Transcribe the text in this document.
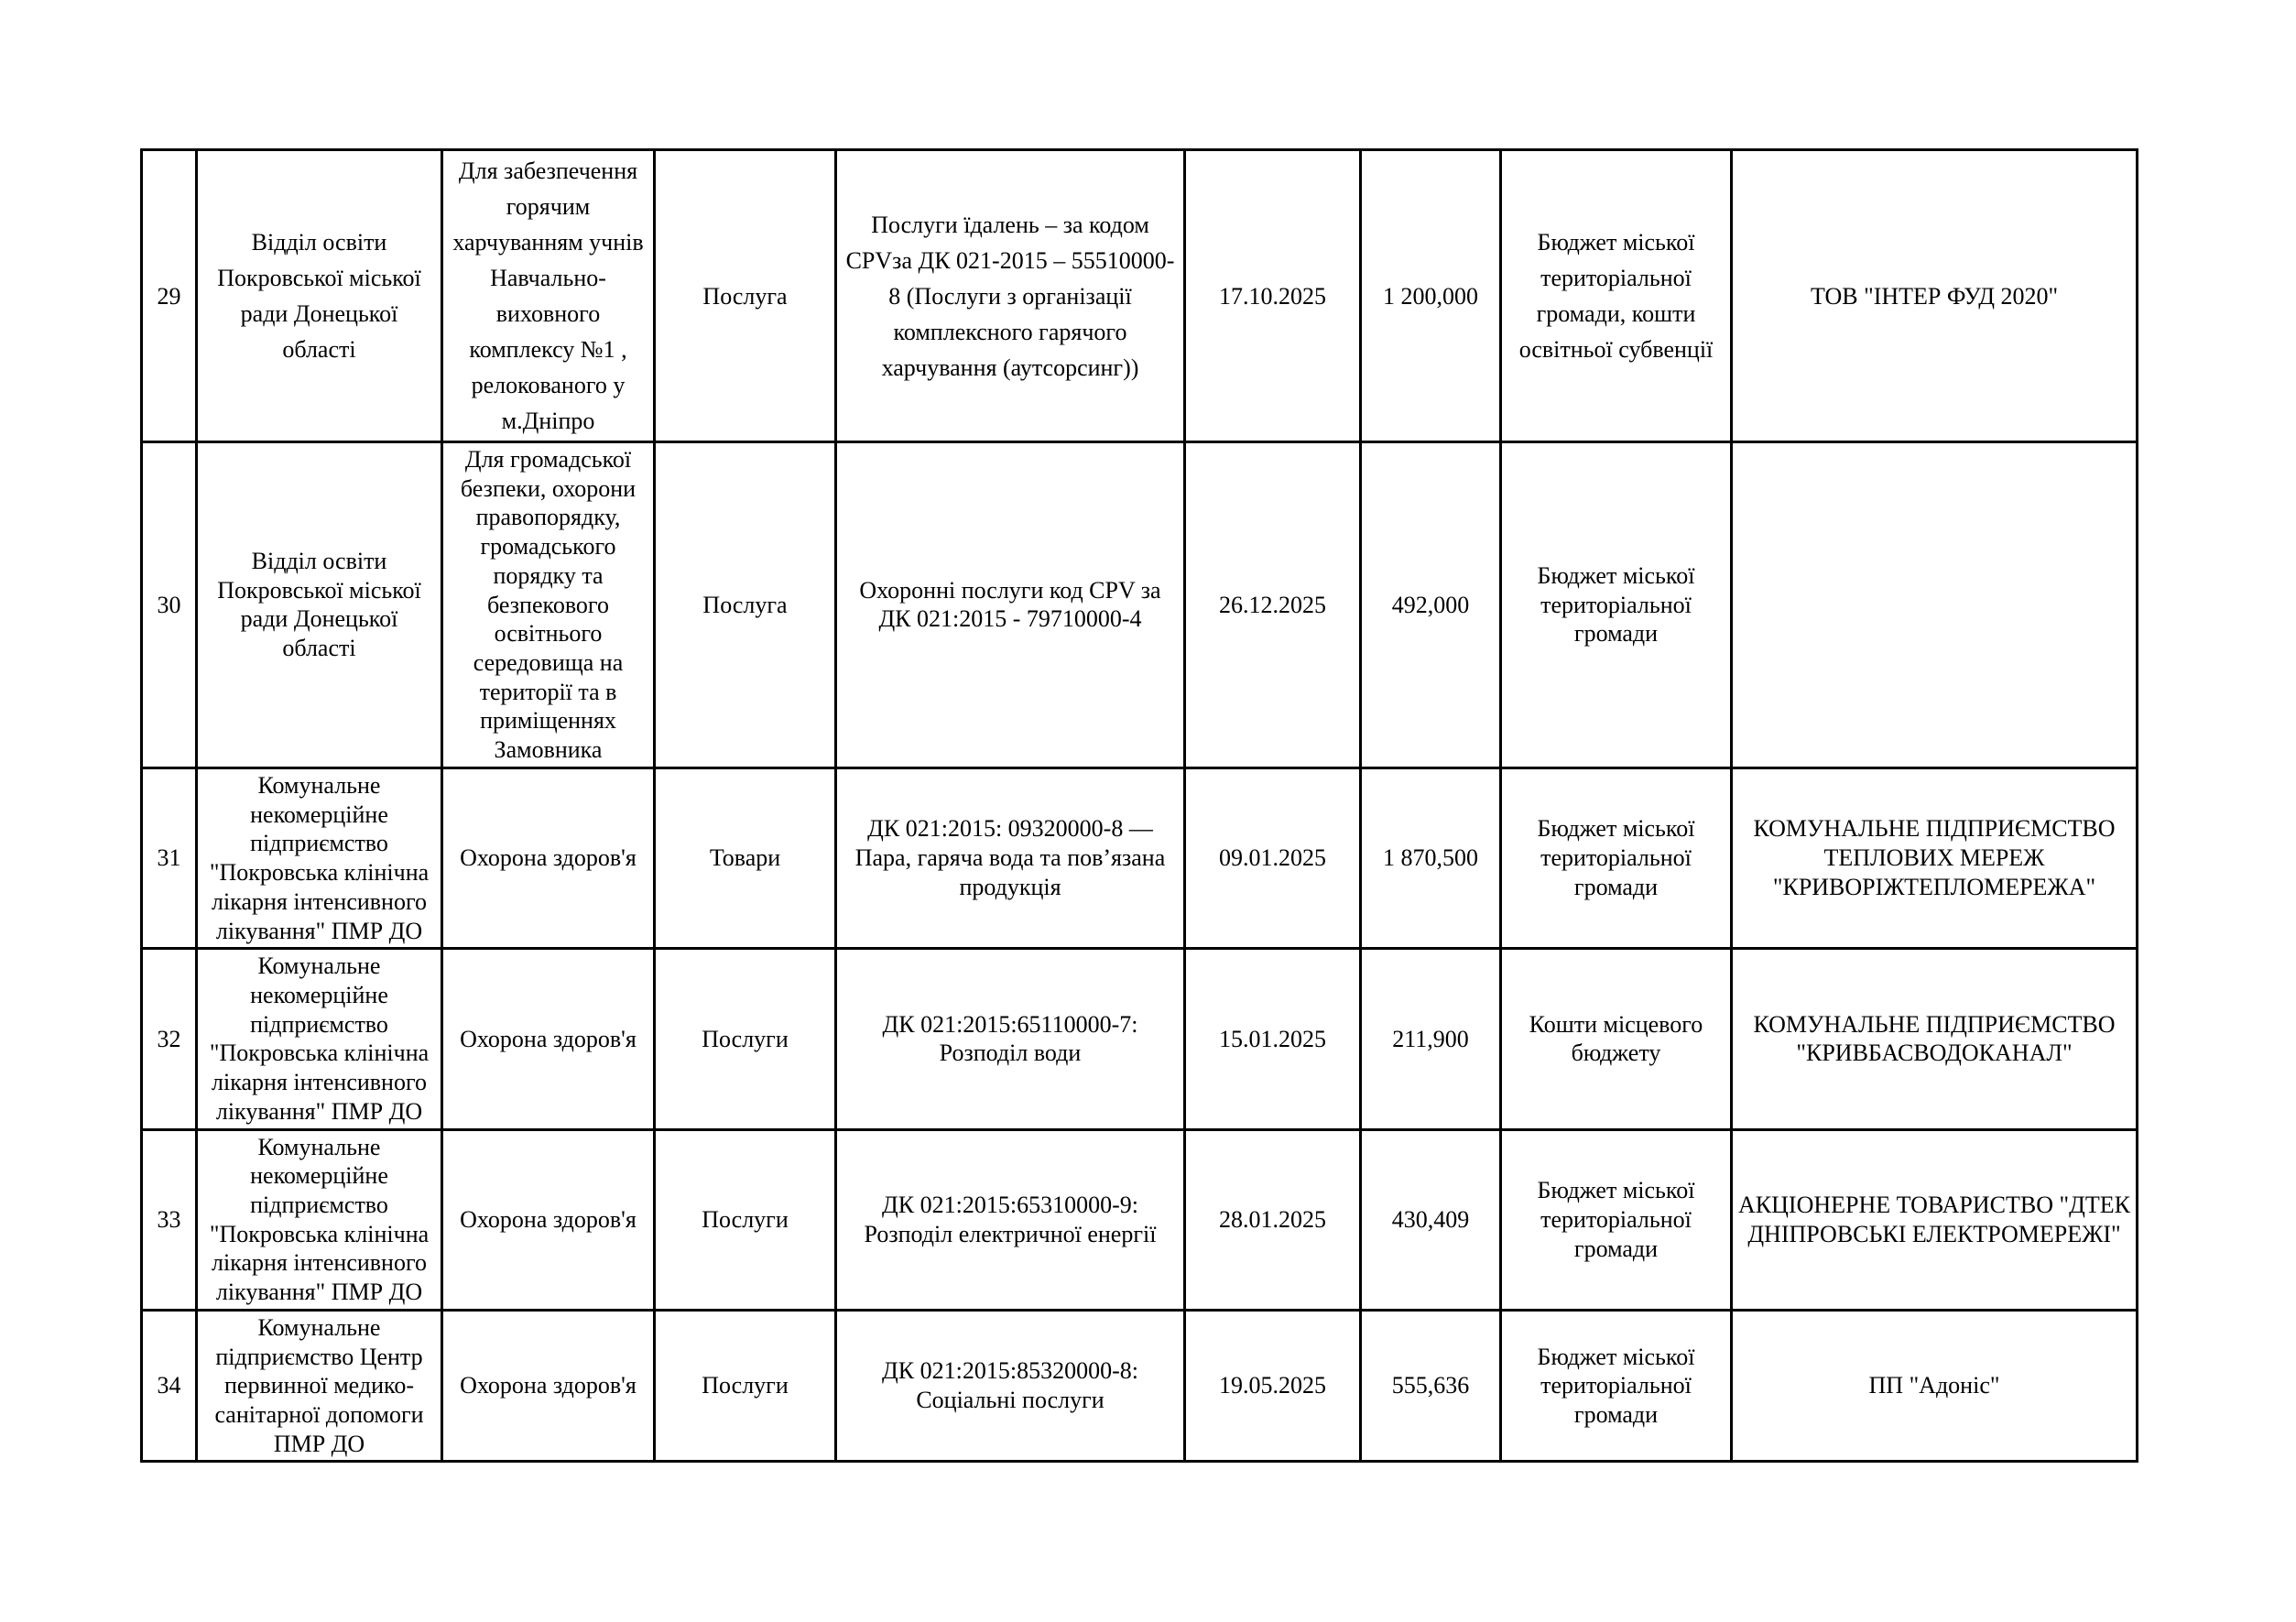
29	Відділ освіти Покровської міської ради Донецької області	Для забезпечення горячим харчуванням учнів Навчально-виховного комплексу №1 , релокованого у м.Дніпро	Послуга	Послуги їдалень – за кодом CPVза ДК 021-2015 – 55510000-8 (Послуги з організації комплексного гарячого харчування (аутсорсинг))	17.10.2025	1 200,000	Бюджет міської територіальної громади, кошти освітньої субвенції	ТОВ "ІНТЕР ФУД 2020"
30	Відділ освіти Покровської міської ради Донецької області	Для громадської безпеки, охорони правопорядку, громадського порядку та безпекового освітнього середовища на території та в приміщеннях Замовника	Послуга	Охоронні послуги код CPV за ДК 021:2015 - 79710000-4	26.12.2025	492,000	Бюджет міської територіальної громади	
31	Комунальне некомерційне підприємство "Покровська клінічна лікарня інтенсивного лікування" ПМР ДО	Охорона здоров'я	Товари	ДК 021:2015: 09320000-8 — Пара, гаряча вода та пов’язана продукція	09.01.2025	1 870,500	Бюджет міської територіальної громади	КОМУНАЛЬНЕ ПІДПРИЄМСТВО ТЕПЛОВИХ МЕРЕЖ "КРИВОРІЖТЕПЛОМЕРЕЖА"
32	Комунальне некомерційне підприємство "Покровська клінічна лікарня інтенсивного лікування" ПМР ДО	Охорона здоров'я	Послуги	ДК 021:2015:65110000-7: Розподіл води	15.01.2025	211,900	Кошти місцевого бюджету	КОМУНАЛЬНЕ ПІДПРИЄМСТВО "КРИВБАСВОДОКАНАЛ"
33	Комунальне некомерційне підприємство "Покровська клінічна лікарня інтенсивного лікування" ПМР ДО	Охорона здоров'я	Послуги	ДК 021:2015:65310000-9: Розподіл електричної енергії	28.01.2025	430,409	Бюджет міської територіальної громади	АКЦІОНЕРНЕ ТОВАРИСТВО "ДТЕК ДНІПРОВСЬКІ ЕЛЕКТРОМЕРЕЖІ"
34	Комунальне підприємство Центр первинної медико-санітарної допомоги ПМР ДО	Охорона здоров'я	Послуги	ДК 021:2015:85320000-8: Соціальні послуги	19.05.2025	555,636	Бюджет міської територіальної громади	ПП "Адоніс"
